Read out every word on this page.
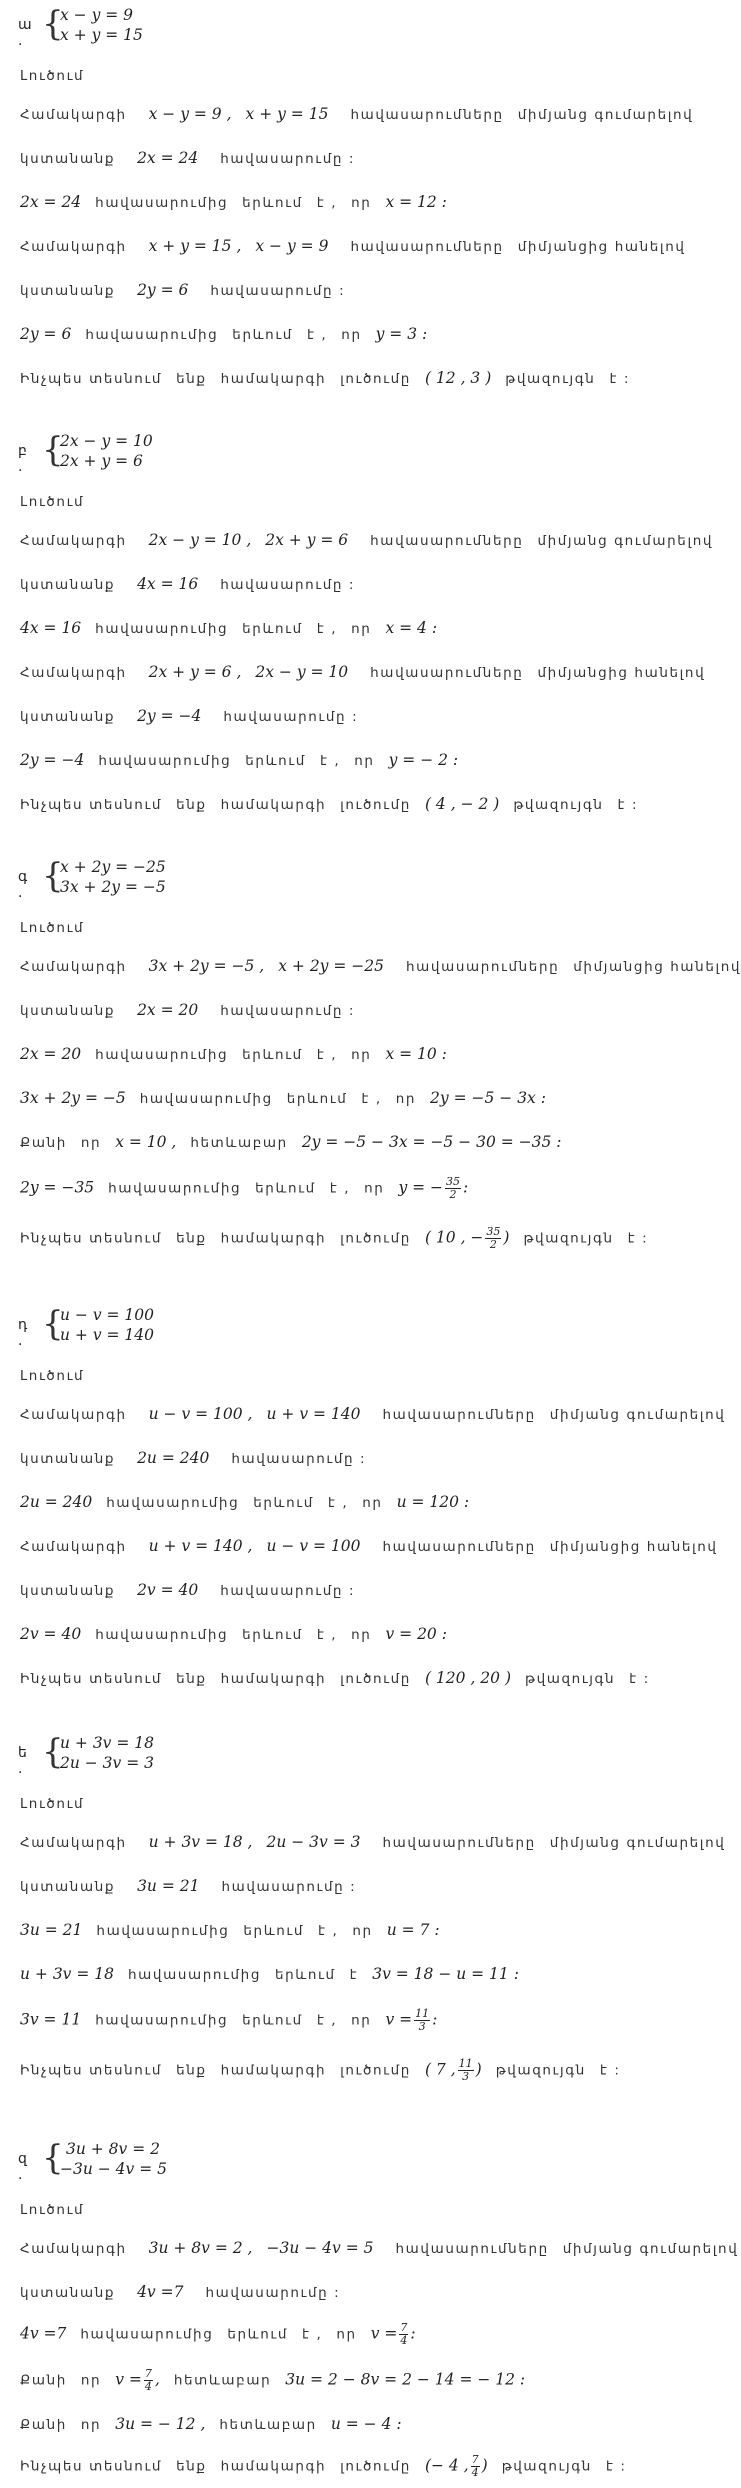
ա . {
x − y = 9
x + y = 15
Լուծում
Համակարգի x − y = 9 , x + y = 15 հավասարումները միմյանց գումարելով
կստանանք 2x = 24 հավասարումը :
2x = 24 հավասարումից երևում է , որ x = 12 :
Համակարգի x + y = 15 , x − y = 9 հավասարումները միմյանցից հանելով
կստանանք 2y = 6 հավասարումը :
2y = 6 հավասարումից երևում է , որ y = 3 :
Ինչպես տեսնում ենք համակարգի լուծումը ( 12 , 3 ) թվազույգն է :
բ . {
2x − y = 10
2x + y = 6
Լուծում
Համակարգի 2x − y = 10 , 2x + y = 6 հավասարումները միմյանց գումարելով
կստանանք 4x = 16 հավասարումը :
4x = 16 հավասարումից երևում է , որ x = 4 :
Համակարգի 2x + y = 6 , 2x − y = 10 հավասարումները միմյանցից հանելով
կստանանք 2y = −4 հավասարումը :
2y = −4 հավասարումից երևում է , որ y = − 2 :
Ինչպես տեսնում ենք համակարգի լուծումը ( 4 , − 2 ) թվազույգն է :
գ . {
x + 2y = −25
3x + 2y = −5
Լուծում
Համակարգի 3x + 2y = −5 , x + 2y = −25 հավասարումները միմյանցից հանելով
կստանանք 2x = 20 հավասարումը :
2x = 20 հավասարումից երևում է , որ x = 10 :
3x + 2y = −5 հավասարումից երևում է , որ 2y = −5 − 3x :
Քանի որ x = 10 , հետևաբար 2y = −5 − 3x = −5 − 30 = −35 :
2y = −35 հավասարումից երևում է , որ y = − $\frac{35}{2}$ :
Ինչպես տեսնում ենք համակարգի լուծումը ( 10 , − $\frac{35}{2}$ ) թվազույգն է :
դ . {
u − v = 100
u + v = 140
Լուծում
Համակարգի u − v = 100 , u + v = 140 հավասարումները միմյանց գումարելով
կստանանք 2u = 240 հավասարումը :
2u = 240 հավասարումից երևում է , որ u = 120 :
Համակարգի u + v = 140 , u − v = 100 հավասարումները միմյանցից հանելով
կստանանք 2v = 40 հավասարումը :
2v = 40 հավասարումից երևում է , որ v = 20 :
Ինչպես տեսնում ենք համակարգի լուծումը ( 120 , 20 ) թվազույգն է :
ե . {
u + 3v = 18
2u − 3v = 3
Լուծում
Համակարգի u + 3v = 18 , 2u − 3v = 3 հավասարումները միմյանց գումարելով
կստանանք 3u = 21 հավասարումը :
3u = 21 հավասարումից երևում է , որ u = 7 :
u + 3v = 18 հավասարումից երևում է 3v = 18 − u = 11 :
3v = 11 հավասարումից երևում է , որ $v = \frac{11}{3}$ :
Ինչպես տեսնում ենք համակարգի լուծումը ( 7 , $\frac{11}{3}$ ) թվազույգն է :
զ . { 3u + 8v = 2
−3u − 4v = 5
Լուծում
Համակարգի 3u + 8v = 2 , −3u − 4v = 5 հավասարումները միմյանց գումարելով
կստանանք 4v =7 հավասարումը :
4v =7 հավասարումից երևում է , որ $v = \frac{7}{4}$ :
Քանի որ $v = \frac{7}{4}$ , հետևաբար 3u = 2 − 8v = 2 − 14 = − 12 :
Քանի որ 3u = − 12 , հետևաբար u = − 4 :
Ինչպես տեսնում ենք համակարգի լուծումը (− 4 , $\frac{7}{4}$ ) թվազույգն է :
